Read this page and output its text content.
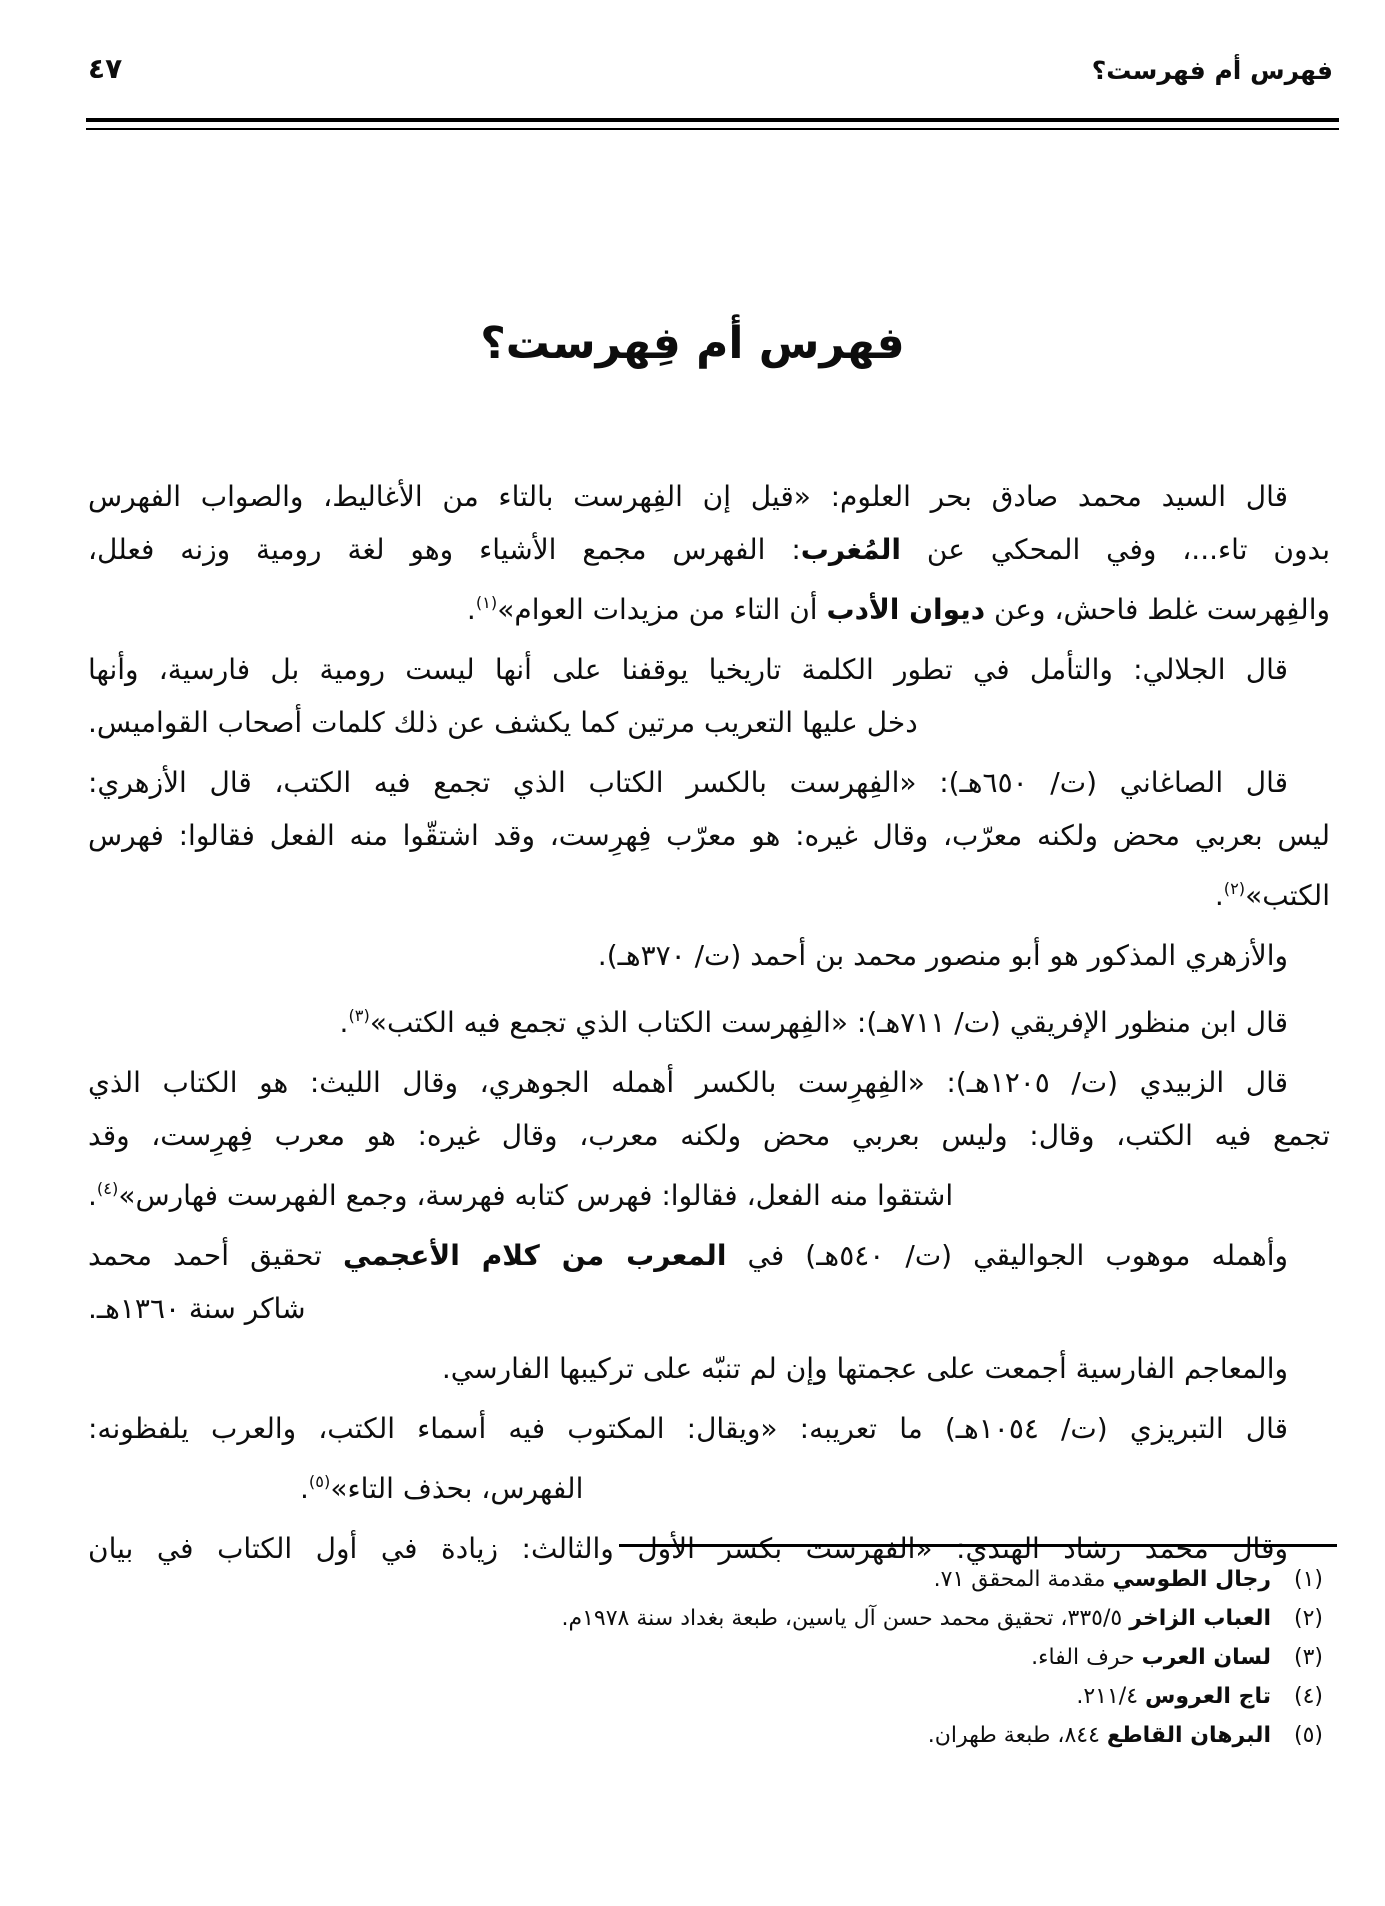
٤٧	فهرس أم فهرست؟
فهرس أم فِهرست؟
قال السيد محمد صادق بحر العلوم: «قيل إن الفِهرست بالتاء من الأغاليط، والصواب الفهرس
بدون تاء...، وفي المحكي عن المُغرب: الفهرس مجمع الأشياء وهو لغة رومية وزنه فعلل،
والفِهرست غلط فاحش، وعن ديوان الأدب أن التاء من مزيدات العوام»$^{(١)}$.
قال الجلالي: والتأمل في تطور الكلمة تاريخيا يوقفنا على أنها ليست رومية بل فارسية، وأنها
دخل عليها التعريب مرتين كما يكشف عن ذلك كلمات أصحاب القواميس.
قال الصاغاني (ت/ ٦٥٠هـ): «الفِهرست بالكسر الكتاب الذي تجمع فيه الكتب، قال الأزهري:
ليس بعربي محض ولكنه معرّب، وقال غيره: هو معرّب فِهرِست، وقد اشتقّوا منه الفعل فقالوا: فهرس
الكتب»$^{(٢)}$.
والأزهري المذكور هو أبو منصور محمد بن أحمد (ت/ ٣٧٠هـ).
قال ابن منظور الإفريقي (ت/ ٧١١هـ): «الفِهرست الكتاب الذي تجمع فيه الكتب»$^{(٣)}$.
قال الزبيدي (ت/ ١٢٠٥هـ): «الفِهرِست بالكسر أهمله الجوهري، وقال الليث: هو الكتاب الذي
تجمع فيه الكتب، وقال: وليس بعربي محض ولكنه معرب، وقال غيره: هو معرب فِهرِست، وقد
اشتقوا منه الفعل، فقالوا: فهرس كتابه فهرسة، وجمع الفهرست فهارس»$^{(٤)}$.
وأهمله موهوب الجواليقي (ت/ ٥٤٠هـ) في المعرب من كلام الأعجمي تحقيق أحمد محمد
شاكر سنة ١٣٦٠هـ.
والمعاجم الفارسية أجمعت على عجمتها وإن لم تنبّه على تركيبها الفارسي.
قال التبريزي (ت/ ١٠٥٤هـ) ما تعريبه: «ويقال: المكتوب فيه أسماء الكتب، والعرب يلفظونه:
الفهرس، بحذف التاء»$^{(٥)}$.
وقال محمد رشاد الهندي: «الفهرست بكسر الأول والثالث: زيادة في أول الكتاب في بيان
(١)
رجال الطوسي مقدمة المحقق ٧١.
(٢)
العباب الزاخر ٣٣٥/٥، تحقيق محمد حسن آل ياسين، طبعة بغداد سنة ١٩٧٨م.
(٣)
لسان العرب حرف الفاء.
(٤)
تاج العروس ٢١١/٤.
(٥)
البرهان القاطع ٨٤٤، طبعة طهران.
